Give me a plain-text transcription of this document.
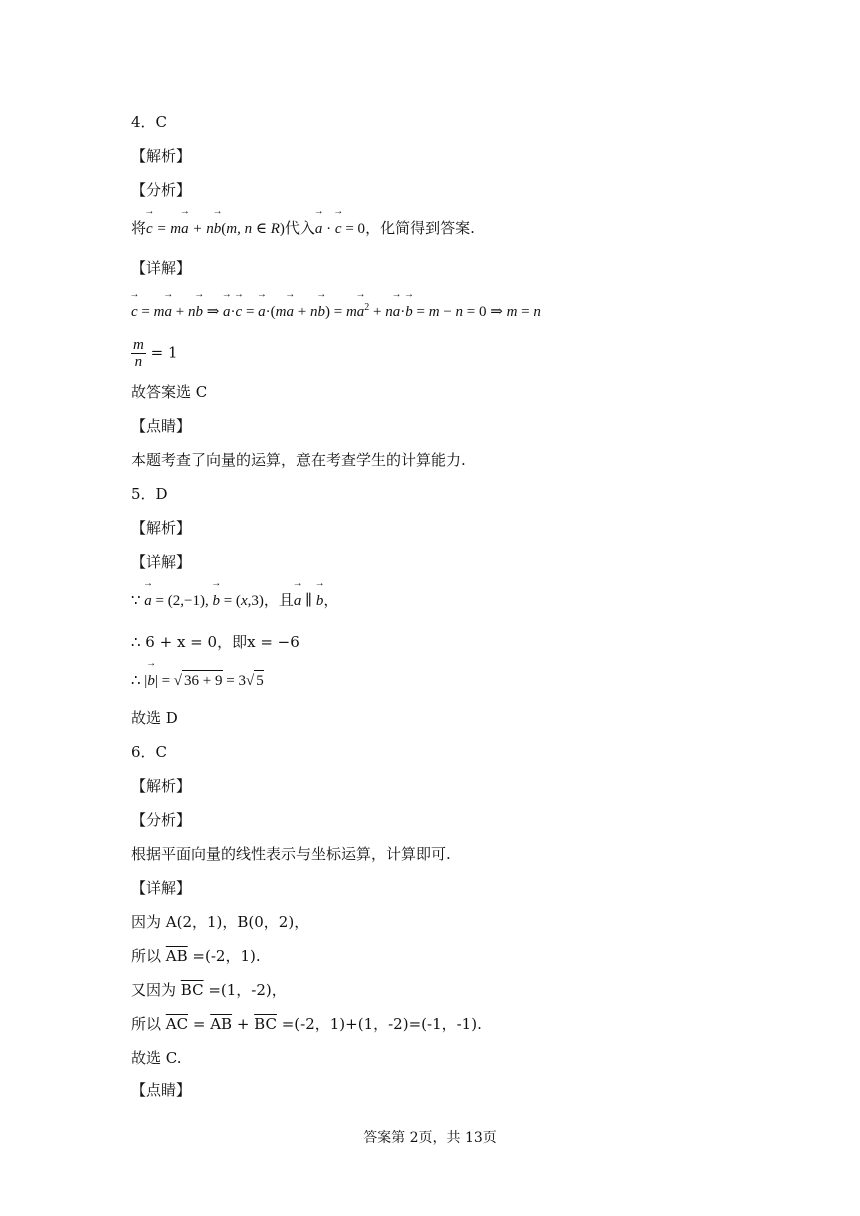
4．C
【解析】
【分析】
将→ c = m→ a + n→ b(m, n ∈ R)代入→ a · → c = 0，化简得到答案.
【详解】
→ c = m→ a + n→ b ⇒ → a·→ c = → $a\cdot(m\to a + n\to b) = m\to a^2 + n\to a\cdot\to b = m - n = 0$ ⇒ m = n
$\frac{m}{n} = 1$
故答案选 C
【点睛】
本题考查了向量的运算，意在考查学生的计算能力.
5．D
【解析】
【详解】
∵ → a = (2,−1), → b = (x,3)，且→ a ∥ → b，
∴ 6 + x = 0，即x = −6
∴ |→ b| = √ 36 + 9 = 3√ 5
故选 D
6．C
【解析】
【分析】
根据平面向量的线性表示与坐标运算，计算即可.
【详解】
因为 A(2，1)，B(0，2)，
所以 $\overline{AB} =(-2$，1).
又因为 $\overline{BC} =(1$，-2)，
所以 $\overline{AC} = \overline{AB} + \overline{BC} =(-2$，1)+(1，-2)=(-1，-1).
故选 C.
【点睛】
答案第 2页，共 13页
